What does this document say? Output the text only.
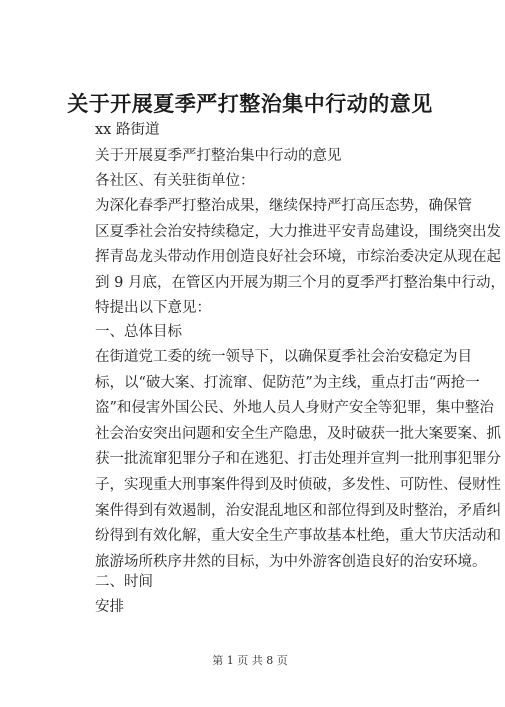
关于开展夏季严打整治集中行动的意见
xx 路街道
关于开展夏季严打整治集中行动的意见
各社区、有关驻街单位：
为深化春季严打整治成果，继续保持严打高压态势，确保管
区夏季社会治安持续稳定，大力推进平安青岛建设，围绕突出发
挥青岛龙头带动作用创造良好社会环境，市综治委决定从现在起
到 9 月底，在管区内开展为期三个月的夏季严打整治集中行动，
特提出以下意见：
一、总体目标
在街道党工委的统一领导下，以确保夏季社会治安稳定为目
标，以“破大案、打流窜、促防范”为主线，重点打击“两抢一
盗”和侵害外国公民、外地人员人身财产安全等犯罪，集中整治
社会治安突出问题和安全生产隐患，及时破获一批大案要案、抓
获一批流窜犯罪分子和在逃犯、打击处理并宣判一批刑事犯罪分
子，实现重大刑事案件得到及时侦破，多发性、可防性、侵财性
案件得到有效遏制，治安混乱地区和部位得到及时整治，矛盾纠
纷得到有效化解，重大安全生产事故基本杜绝，重大节庆活动和
旅游场所秩序井然的目标，为中外游客创造良好的治安环境。
二、时间
安排
第 1 页 共 8 页
